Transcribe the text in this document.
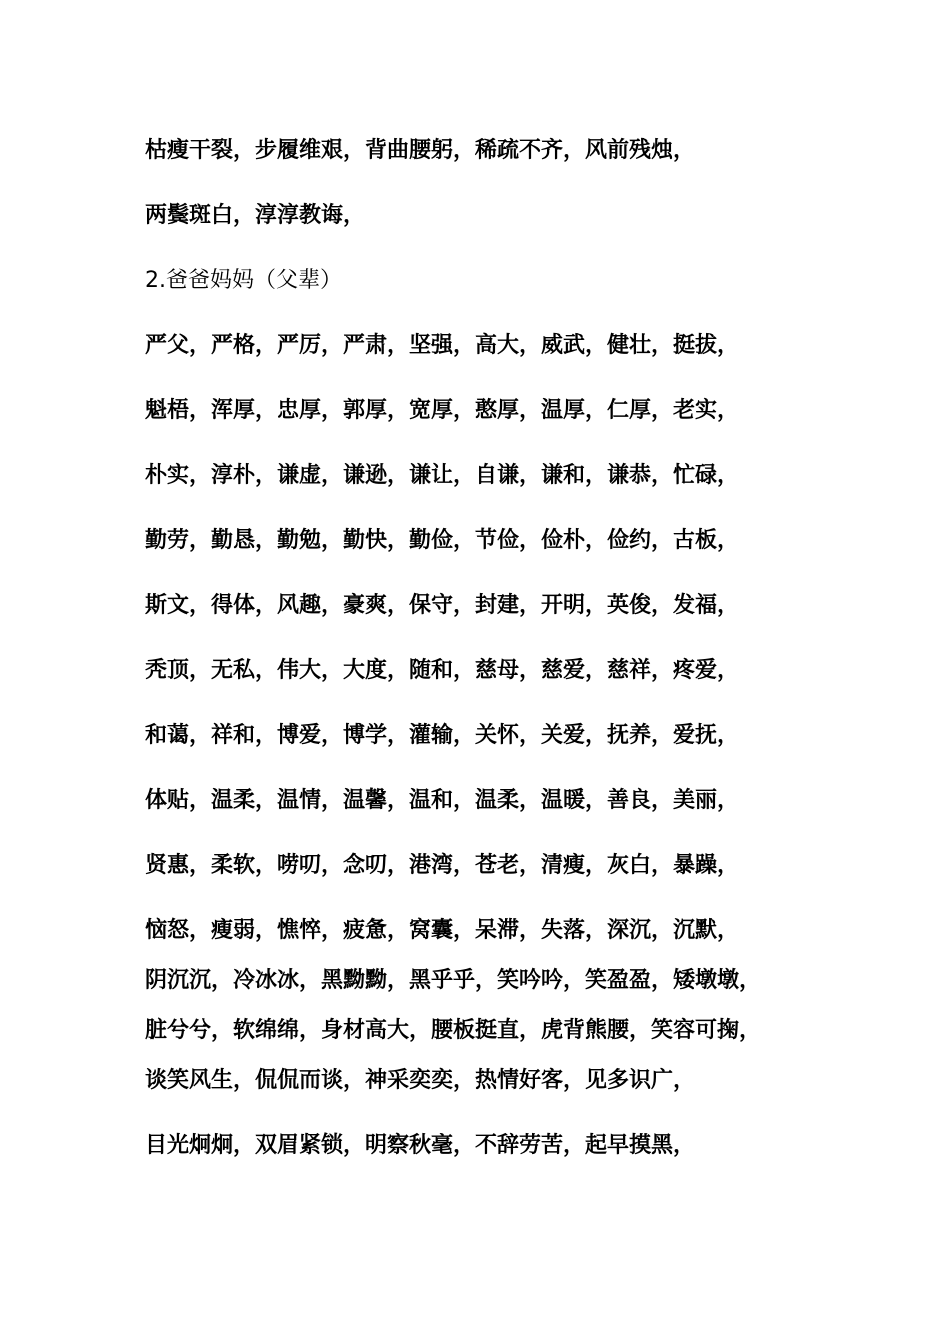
枯瘦干裂，步履维艰，背曲腰躬，稀疏不齐，风前残烛，
两鬓斑白，淳淳教诲，
2.爸爸妈妈（父辈）
严父，严格，严厉，严肃，坚强，高大，威武，健壮，挺拔，
魁梧，浑厚，忠厚，郭厚，宽厚，憨厚，温厚，仁厚，老实，
朴实，淳朴，谦虚，谦逊，谦让，自谦，谦和，谦恭，忙碌，
勤劳，勤恳，勤勉，勤快，勤俭，节俭，俭朴，俭约，古板，
斯文，得体，风趣，豪爽，保守，封建，开明，英俊，发福，
秃顶，无私，伟大，大度，随和，慈母，慈爱，慈祥，疼爱，
和蔼，祥和，博爱，博学，灌输，关怀，关爱，抚养，爱抚，
体贴，温柔，温情，温馨，温和，温柔，温暖，善良，美丽，
贤惠，柔软，唠叨，念叨，港湾，苍老，清瘦，灰白，暴躁，
恼怒，瘦弱，憔悴，疲惫，窝囊，呆滞，失落，深沉，沉默，
阴沉沉，冷冰冰，黑黝黝，黑乎乎，笑吟吟，笑盈盈，矮墩墩，
脏兮兮，软绵绵，身材高大，腰板挺直，虎背熊腰，笑容可掬，
谈笑风生，侃侃而谈，神采奕奕，热情好客，见多识广，
目光炯炯，双眉紧锁，明察秋毫，不辞劳苦，起早摸黑，
